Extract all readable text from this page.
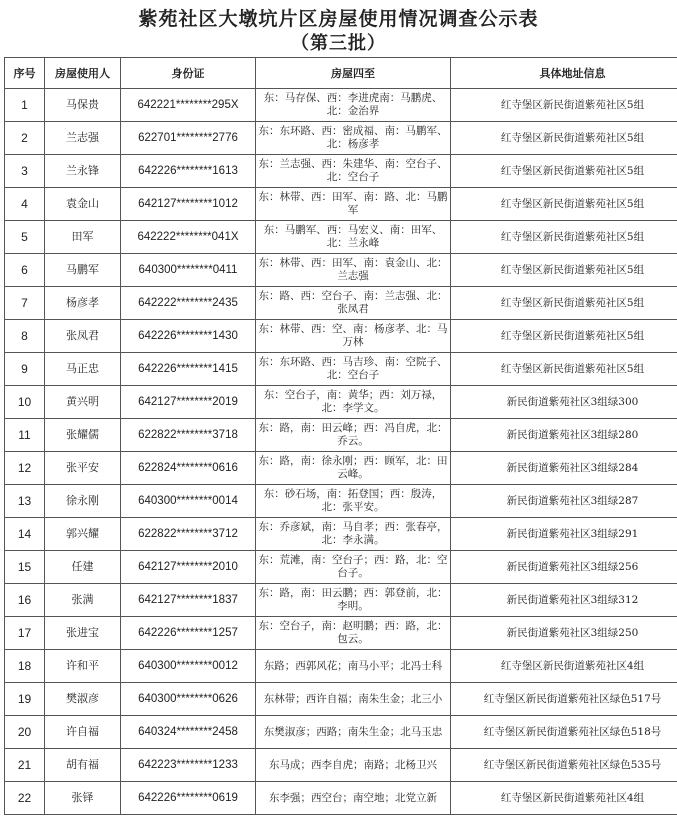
紫苑社区大墩坑片区房屋使用情况调查公示表
（第三批）
序号	房屋使用人	身份证	房屋四至	具体地址信息
1	马保贵	642221********295X	东：马存保、西：李进虎南：马鹏虎、北：金治界	红寺堡区新民街道紫苑社区5组
2	兰志强	622701********2776	东：东环路、西：密成福、南：马鹏军、北：杨彦孝	红寺堡区新民街道紫苑社区5组
3	兰永锋	642226********1613	东：兰志强、西：朱建华、南：空台子、北：空台子	红寺堡区新民街道紫苑社区5组
4	袁金山	642127********1012	东：林带、西：田军、南：路、北：马鹏军	红寺堡区新民街道紫苑社区5组
5	田军	642222********041X	东：马鹏军、西：马宏义、南：田军、北：兰永峰	红寺堡区新民街道紫苑社区5组
6	马鹏军	640300********0411	东：林带、西：田军、南：袁金山、北：兰志强	红寺堡区新民街道紫苑社区5组
7	杨彦孝	642222********2435	东：路、西：空台子、南：兰志强、北：张凤君	红寺堡区新民街道紫苑社区5组
8	张凤君	642226********1430	东：林带、西：空、南：杨彦孝、北：马万林	红寺堡区新民街道紫苑社区5组
9	马正忠	642226********1415	东：东环路、西：马吉珍、南：空院子、北：空台子	红寺堡区新民街道紫苑社区5组
10	黄兴明	642127********2019	东：空台子，南：黄华；西：刘万禄，北：李学文。	新民街道紫苑社区3组绿300
11	张耀儒	622822********3718	东：路，南：田云峰；西：冯自虎，北：乔云。	新民街道紫苑社区3组绿280
12	张平安	622824********0616	东：路，南：徐永刚；西：顾军，北：田云峰。	新民街道紫苑社区3组绿284
13	徐永刚	640300********0014	东：砂石场，南：拓登国；西：殷涛，北：张平安。	新民街道紫苑社区3组绿287
14	郭兴耀	622822********3712	东：乔彦斌，南：马自孝；西：张春亭，北：李永满。	新民街道紫苑社区3组绿291
15	任建	642127********2010	东：荒滩，南：空台子；西：路，北：空台子。	新民街道紫苑社区3组绿256
16	张满	642127********1837	东：路，南：田云鹏；西：郭登前，北：李明。	新民街道紫苑社区3组绿312
17	张进宝	642226********1257	东：空台子，南：赵明鹏；西：路，北：包云。	新民街道紫苑社区3组绿250
18	许和平	640300********0012	东路；西郭风花；南马小平；北冯士科	红寺堡区新民街道紫苑社区4组
19	樊淑彦	640300********0626	东林带；西许自福；南朱生金；北三小	红寺堡区新民街道紫苑社区绿色517号
20	许自福	640324********2458	东樊淑彦；西路；南朱生金；北马玉忠	红寺堡区新民街道紫苑社区绿色518号
21	胡有福	642223********1233	东马成；西李自虎；南路；北杨卫兴	红寺堡区新民街道紫苑社区绿色535号
22	张铎	642226********0619	东李强；西空台；南空地；北党立新	红寺堡区新民街道紫苑社区4组
